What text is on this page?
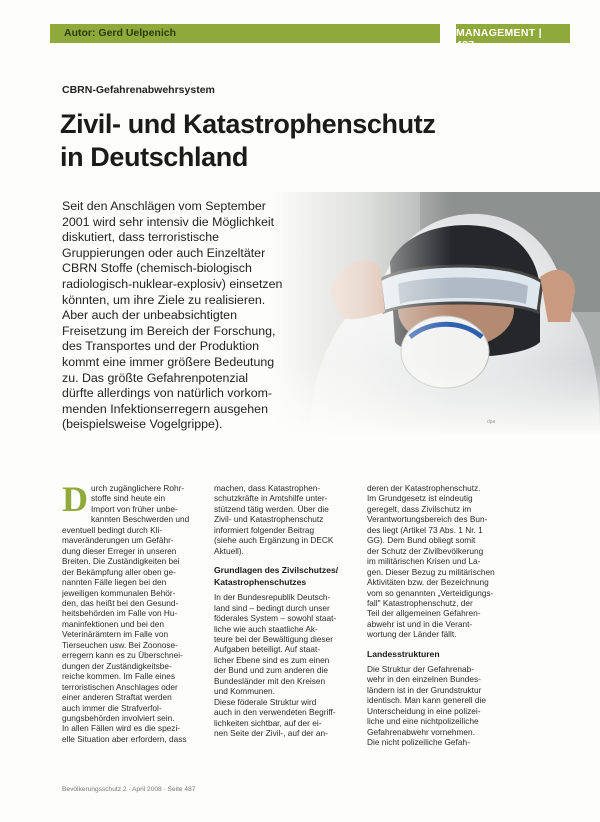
Autor: Gerd Uelpenich	MANAGEMENT | 487
CBRN-Gefahrenabwehrsystem
Zivil- und Katastrophenschutz
in Deutschland
Seit den Anschlägen vom September
2001 wird sehr intensiv die Möglichkeit
diskutiert, dass terroristische
Gruppierungen oder auch Einzeltäter
CBRN Stoffe (chemisch-biologisch
radiologisch-nuklear-explosiv) einsetzen
könnten, um ihre Ziele zu realisieren.
Aber auch der unbeabsichtigten
Freisetzung im Bereich der Forschung,
des Transportes und der Produktion
kommt eine immer größere Bedeutung
zu. Das größte Gefahrenpotenzial
dürfte allerdings von natürlich vorkom-
menden Infektionserregern ausgehen
(beispielsweise Vogelgrippe).	dpa
D urch zugänglichere Rohr-
stoffe sind heute ein
Import von früher unbe-
kannten Beschwerden und
eventuell bedingt durch Kli-
maveränderungen um Gefähr-
dung dieser Erreger in unseren
Breiten. Die Zuständigkeiten bei
der Bekämpfung aller oben ge-
nannten Fälle liegen bei den
jeweiligen kommunalen Behör-
den, das heißt bei den Gesund-
heitsbehörden im Falle von Hu-
maninfektionen und bei den
Veterinärämtern im Falle von
Tierseuchen usw. Bei Zoonose-
erregern kann es zu Überschnei-
dungen der Zuständigkeitsbe-
reiche kommen. Im Falle eines
terroristischen Anschlages oder
einer anderen Straftat werden
auch immer die Strafverfol-
gungsbehörden involviert sein.
In allen Fällen wird es die spezi-
elle Situation aber erfordern, dass
machen, dass Katastrophen-
schutzkräfte in Amtshilfe unter-
stützend tätig werden. Über die
Zivil- und Katastrophenschutz
informiert folgender Beitrag
(siehe auch Ergänzung in DECK
Aktuell).
Grundlagen des Zivilschutzes/
Katastrophenschutzes
In der Bundesrepublik Deutsch-
land sind – bedingt durch unser
föderales System – sowohl staat-
liche wie auch staatliche Ak-
teure bei der Bewältigung dieser
Aufgaben beteiligt. Auf staat-
licher Ebene sind es zum einen
der Bund und zum anderen die
Bundesländer mit den Kreisen
und Kommunen.
Diese föderale Struktur wird
auch in den verwendeten Begriff-
lichkeiten sichtbar, auf der ei-
nen Seite der Zivil-, auf der an-
deren der Katastrophenschutz.
Im Grundgesetz ist eindeutig
geregelt, dass Zivilschutz im
Verantwortungsbereich des Bun-
des liegt (Artikel 73 Abs. 1 Nr. 1
GG). Dem Bund obliegt somit
der Schutz der Zivilbevölkerung
im militärischen Krisen und La-
gen. Dieser Bezug zu militärischen
Aktivitäten bzw. der Bezeichnung
vom so genannten „Verteidigungs-
fall" Katastrophenschutz, der
Teil der allgemeinen Gefahren-
abwehr ist und in die Verant-
wortung der Länder fällt.
Landesstrukturen
Die Struktur der Gefahrenab-
wehr in den einzelnen Bundes-
ländern ist in der Grundstruktur
identisch. Man kann generell die
Unterscheidung in eine polizei-
liche und eine nichtpolizeiliche
Gefahrenabwehr vornehmen.
Die nicht polizeiliche Gefah-
Bevölkerungsschutz 2 · April 2008 · Seite 487
